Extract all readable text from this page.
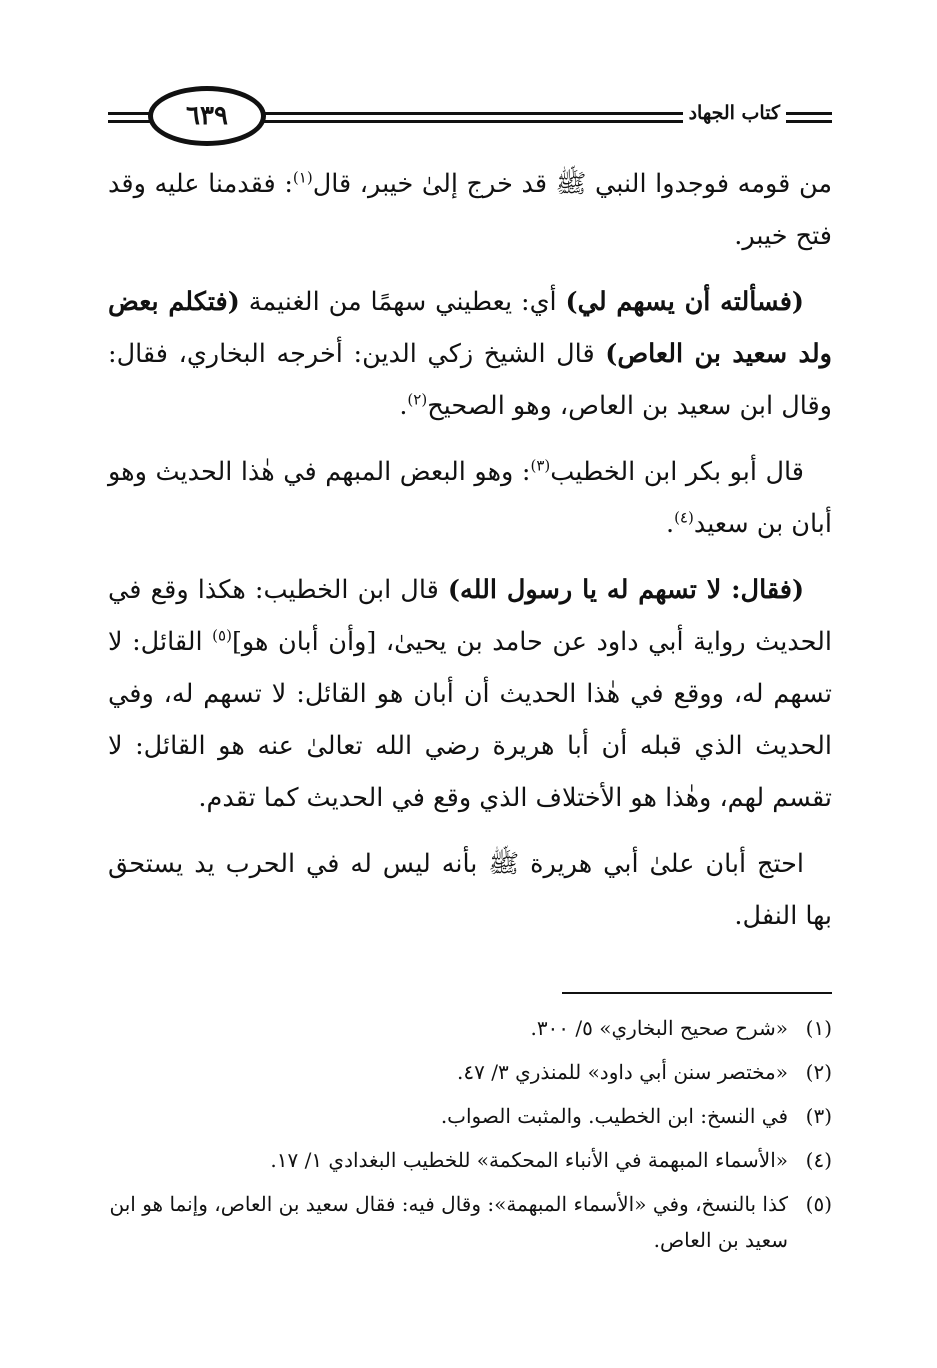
٦٣٩	كتاب الجهاد

من قومه فوجدوا النبي ﷺ قد خرج إلىٰ خيبر، قال$^{(١)}$: فقدمنا عليه وقد فتح خيبر.

(فسألته أن يسهم لي) أي: يعطيني سهمًا من الغنيمة (فتكلم بعض ولد سعيد بن العاص) قال الشيخ زكي الدين: أخرجه البخاري، فقال: وقال ابن سعيد بن العاص، وهو الصحيح$^{(٢)}$.

قال أبو بكر ابن الخطيب$^{(٣)}$: وهو البعض المبهم في هٰذا الحديث وهو أبان بن سعيد$^{(٤)}$.

(فقال: لا تسهم له يا رسول الله) قال ابن الخطيب: هكذا وقع في الحديث رواية أبي داود عن حامد بن يحيىٰ، [وأن أبان هو]$^{(٥)}$ القائل: لا تسهم له، ووقع في هٰذا الحديث أن أبان هو القائل: لا تسهم له، وفي الحديث الذي قبله أن أبا هريرة رضي الله تعالىٰ عنه هو القائل: لا تقسم لهم، وهٰذا هو الأختلاف الذي وقع في الحديث كما تقدم.

احتج أبان علىٰ أبي هريرة ﷺ بأنه ليس له في الحرب يد يستحق بها النفل.

(١)
«شرح صحيح البخاري» ٥/ ٣٠٠.
(٢)
«مختصر سنن أبي داود» للمنذري ٣/ ٤٧.
(٣)
في النسخ: ابن الخطيب. والمثبت الصواب.
(٤)
«الأسماء المبهمة في الأنباء المحكمة» للخطيب البغدادي ١/ ١٧.
(٥)
كذا بالنسخ، وفي «الأسماء المبهمة»: وقال فيه: فقال سعيد بن العاص، وإنما هو ابن سعيد بن العاص.
